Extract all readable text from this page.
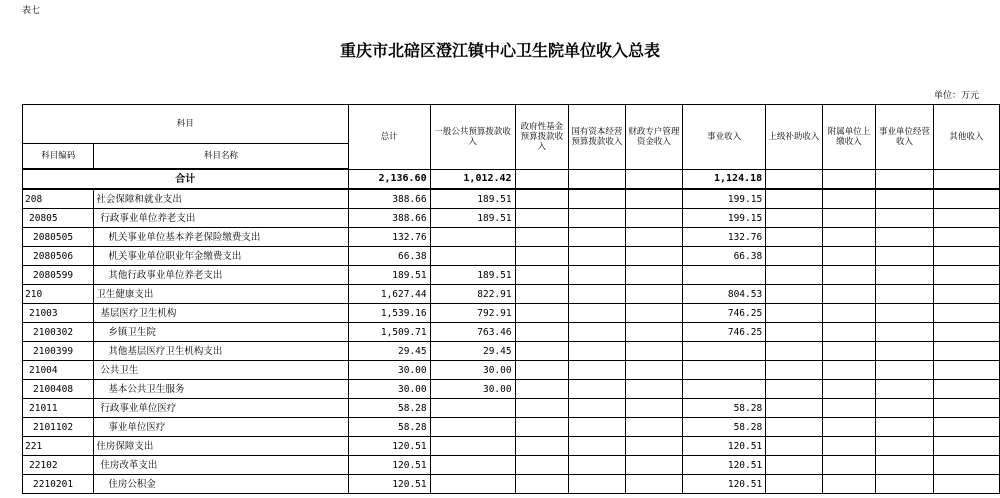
表七
重庆市北碚区澄江镇中心卫生院单位收入总表
单位：万元
科目		总计	一般公共预算拨款收入	政府性基金预算拨款收入	国有资本经营预算拨款收入	财政专户管理资金收入	事业收入	上级补助收入	附属单位上缴收入	事业单位经营收入	其他收入
科目编码	科目名称										
合计		2,136.60	1,012.42				1,124.18				
208	社会保障和就业支出	388.66	189.51				199.15				
20805	行政事业单位养老支出	388.66	189.51				199.15				
2080505	机关事业单位基本养老保险缴费支出	132.76					132.76				
2080506	机关事业单位职业年金缴费支出	66.38					66.38				
2080599	其他行政事业单位养老支出	189.51	189.51								
210	卫生健康支出	1,627.44	822.91				804.53				
21003	基层医疗卫生机构	1,539.16	792.91				746.25				
2100302	乡镇卫生院	1,509.71	763.46				746.25				
2100399	其他基层医疗卫生机构支出	29.45	29.45								
21004	公共卫生	30.00	30.00								
2100408	基本公共卫生服务	30.00	30.00								
21011	行政事业单位医疗	58.28					58.28				
2101102	事业单位医疗	58.28					58.28				
221	住房保障支出	120.51					120.51				
22102	住房改革支出	120.51					120.51				
2210201	住房公积金	120.51					120.51				
